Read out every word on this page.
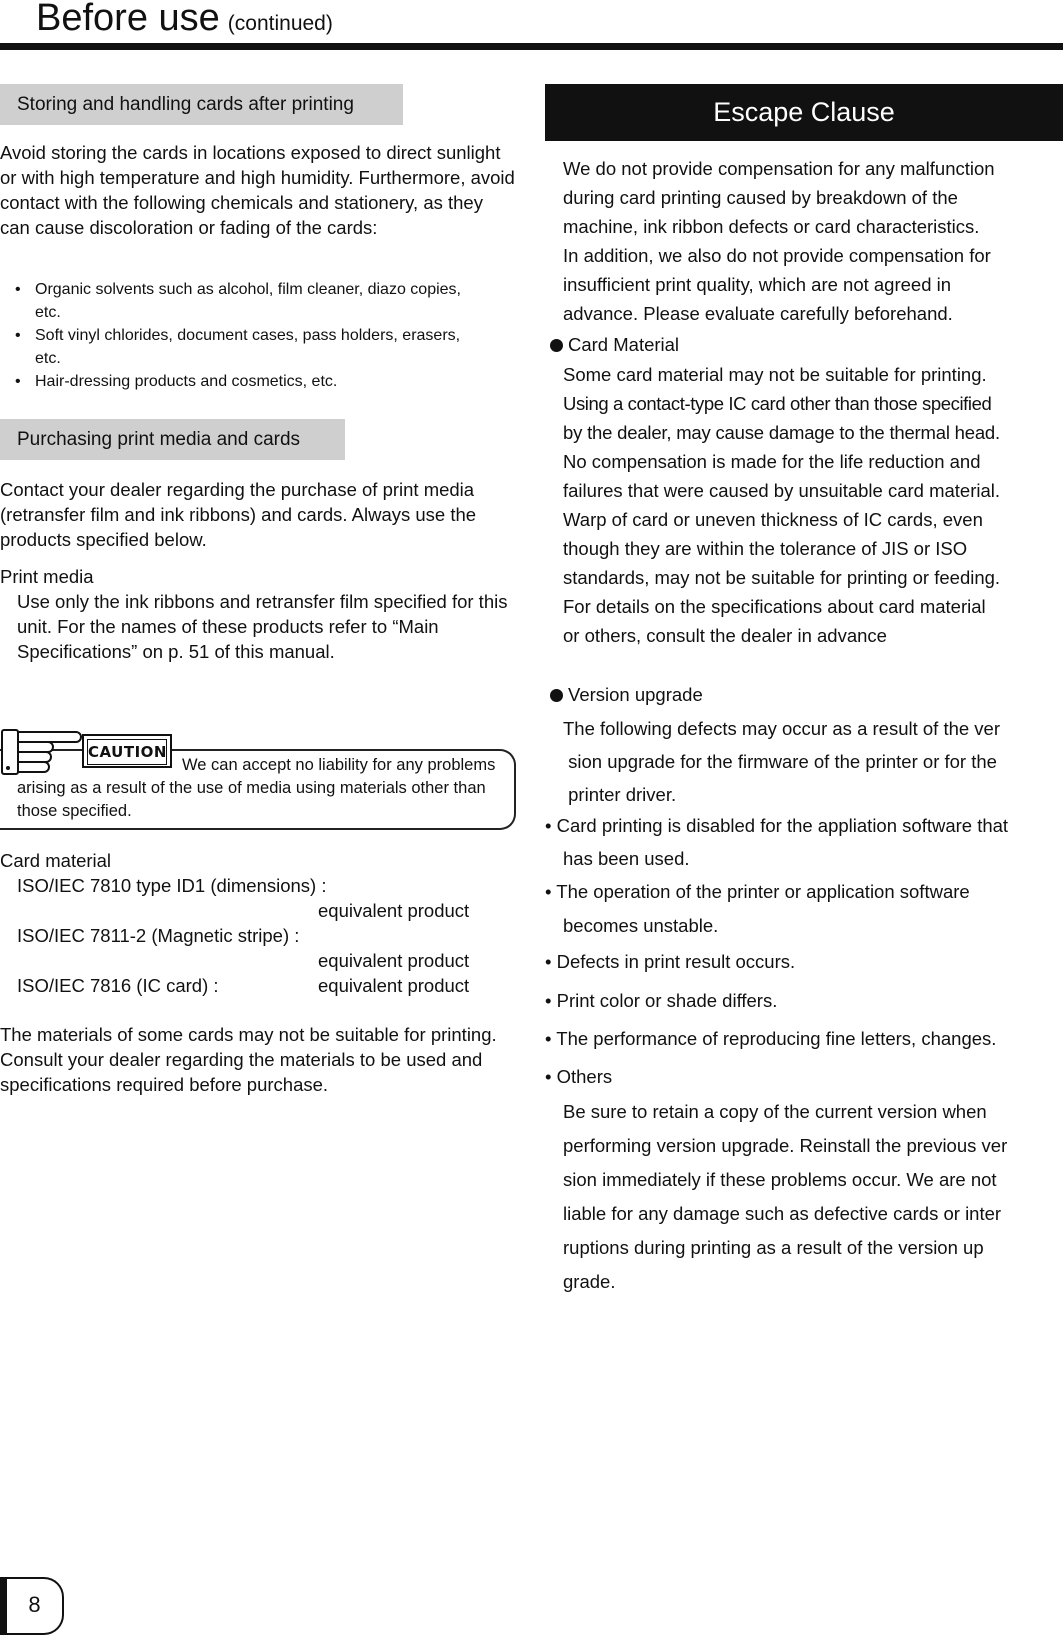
Before use (continued)
Storing and handling cards after printing
Avoid storing the cards in locations exposed to direct sunlight or with high temperature and high humidity. Furthermore, avoid contact with the following chemicals and stationery, as they can cause discoloration or fading of the cards:
• Organic solvents such as alcohol, film cleaner, diazo copies, etc.
• Soft vinyl chlorides, document cases, pass holders, erasers, etc.
• Hair-dressing products and cosmetics, etc.
Purchasing print media and cards
Contact your dealer regarding the purchase of print media (retransfer film and ink ribbons) and cards. Always use the products specified below.
Print media
Use only the ink ribbons and retransfer film specified for this unit. For the names of these products refer to “Main Specifications” on p. 51 of this manual.
CAUTION
We can accept no liability for any problems arising as a result of the use of media using materials other than those specified.
Card material
ISO/IEC 7810 type ID1 (dimensions) :
equivalent product
ISO/IEC 7811-2 (Magnetic stripe) :
equivalent product
ISO/IEC 7816 (IC card) :	equivalent product
The materials of some cards may not be suitable for printing. Consult your dealer regarding the materials to be used and specifications required before purchase.
Escape Clause
We do not provide compensation for any malfunction
during card printing caused by breakdown of the
machine, ink ribbon defects or card characteristics.
In addition, we also do not provide compensation for
insufficient print quality, which are not agreed in
advance. Please evaluate carefully beforehand.
Card Material
Some card material may not be suitable for printing.
Using a contact-type IC card other than those specified
by the dealer, may cause damage to the thermal head.
No compensation is made for the life reduction and
failures that were caused by unsuitable card material.
Warp of card or uneven thickness of IC cards, even
though they are within the tolerance of JIS or ISO
standards, may not be suitable for printing or feeding.
For details on the specifications about card material
or others, consult the dealer in advance
Version upgrade
The following defects may occur as a result of the ver
sion upgrade for the firmware of the printer or for the
printer driver.
• Card printing is disabled for the appliation software that
has been used.
• The operation of the printer or application software
becomes unstable.
• Defects in print result occurs.
• Print color or shade differs.
• The performance of reproducing fine letters, changes.
• Others
Be sure to retain a copy of the current version when
performing version upgrade. Reinstall the previous ver
sion immediately if these problems occur. We are not
liable for any damage such as defective cards or inter
ruptions during printing as a result of the version up
grade.
8
